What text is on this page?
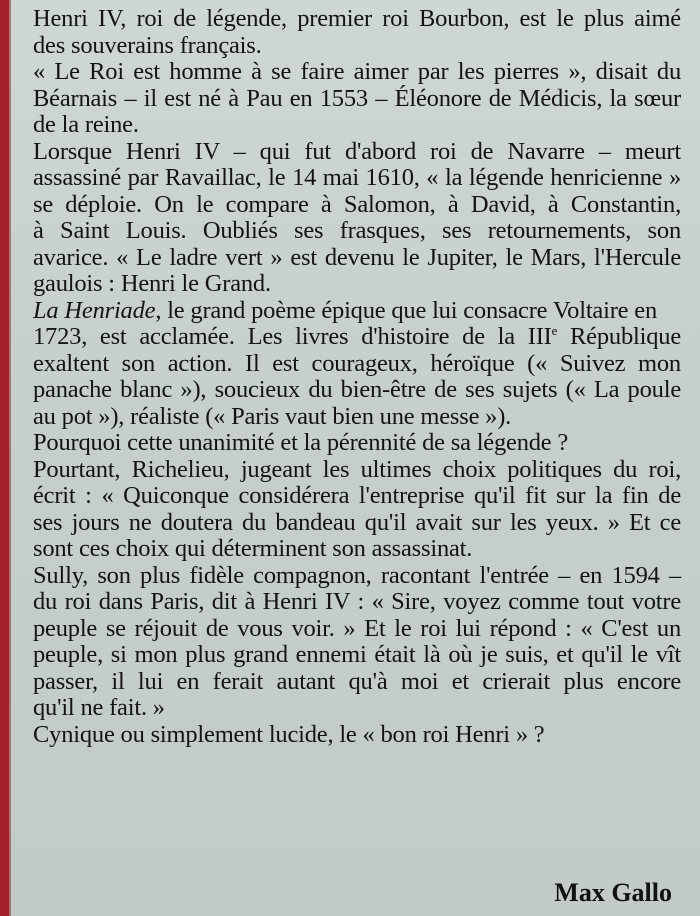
Henri IV, roi de légende, premier roi Bourbon, est le plus aimé
des souverains français.
« Le Roi est homme à se faire aimer par les pierres », disait du
Béarnais – il est né à Pau en 1553 – Éléonore de Médicis, la sœur
de la reine.
Lorsque Henri IV – qui fut d'abord roi de Navarre – meurt
assassiné par Ravaillac, le 14 mai 1610, « la légende henricienne »
se déploie. On le compare à Salomon, à David, à Constantin,
à Saint Louis. Oubliés ses frasques, ses retournements, son
avarice. « Le ladre vert » est devenu le Jupiter, le Mars, l'Hercule
gaulois : Henri le Grand.
La Henriade, le grand poème épique que lui consacre Voltaire en
1723, est acclamée. Les livres d'histoire de la IIIe République
exaltent son action. Il est courageux, héroïque (« Suivez mon
panache blanc »), soucieux du bien-être de ses sujets (« La poule
au pot »), réaliste (« Paris vaut bien une messe »).
Pourquoi cette unanimité et la pérennité de sa légende ?
Pourtant, Richelieu, jugeant les ultimes choix politiques du roi,
écrit : « Quiconque considérera l'entreprise qu'il fit sur la fin de
ses jours ne doutera du bandeau qu'il avait sur les yeux. » Et ce
sont ces choix qui déterminent son assassinat.
Sully, son plus fidèle compagnon, racontant l'entrée – en 1594 –
du roi dans Paris, dit à Henri IV : « Sire, voyez comme tout votre
peuple se réjouit de vous voir. » Et le roi lui répond : « C'est un
peuple, si mon plus grand ennemi était là où je suis, et qu'il le vît
passer, il lui en ferait autant qu'à moi et crierait plus encore
qu'il ne fait. »
Cynique ou simplement lucide, le « bon roi Henri » ?
Max Gallo
